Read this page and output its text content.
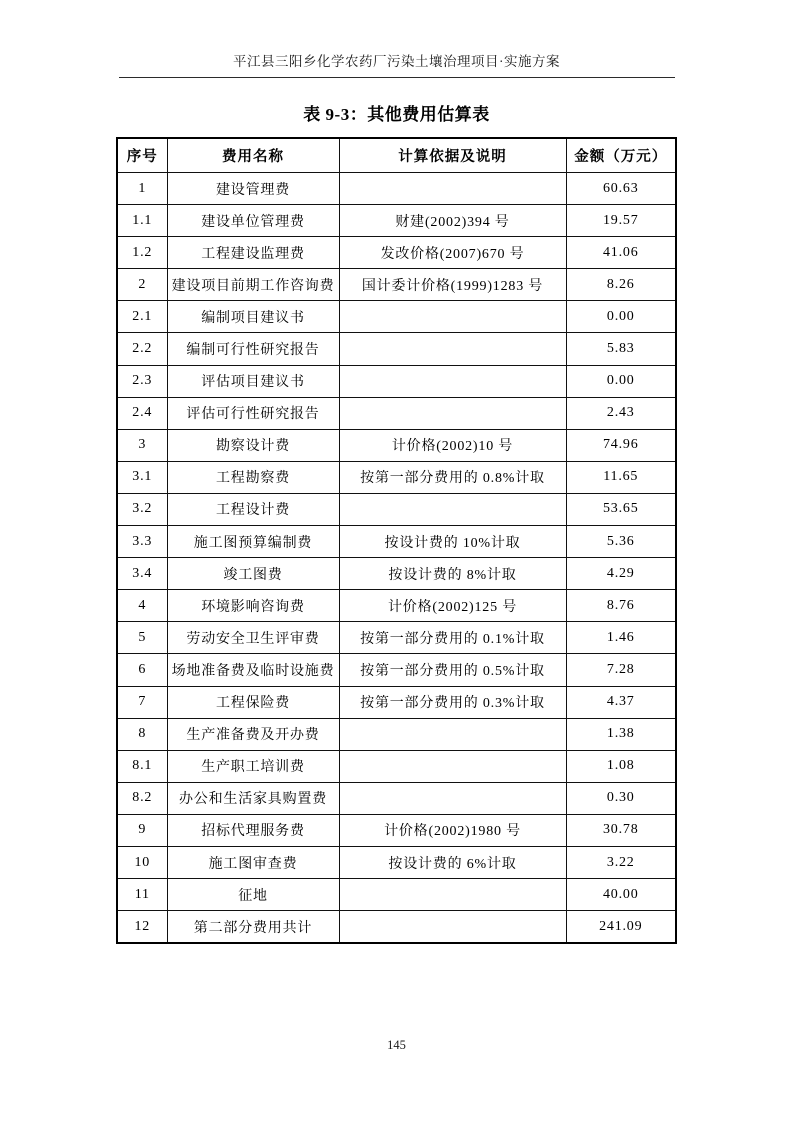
平江县三阳乡化学农药厂污染土壤治理项目·实施方案
表 9-3：其他费用估算表
序号	费用名称	计算依据及说明	金额（万元）
1	建设管理费		60.63
1.1	建设单位管理费	财建(2002)394 号	19.57
1.2	工程建设监理费	发改价格(2007)670 号	41.06
2	建设项目前期工作咨询费	国计委计价格(1999)1283 号	8.26
2.1	编制项目建议书		0.00
2.2	编制可行性研究报告		5.83
2.3	评估项目建议书		0.00
2.4	评估可行性研究报告		2.43
3	勘察设计费	计价格(2002)10 号	74.96
3.1	工程勘察费	按第一部分费用的 0.8%计取	11.65
3.2	工程设计费		53.65
3.3	施工图预算编制费	按设计费的 10%计取	5.36
3.4	竣工图费	按设计费的 8%计取	4.29
4	环境影响咨询费	计价格(2002)125 号	8.76
5	劳动安全卫生评审费	按第一部分费用的 0.1%计取	1.46
6	场地准备费及临时设施费	按第一部分费用的 0.5%计取	7.28
7	工程保险费	按第一部分费用的 0.3%计取	4.37
8	生产准备费及开办费		1.38
8.1	生产职工培训费		1.08
8.2	办公和生活家具购置费		0.30
9	招标代理服务费	计价格(2002)1980 号	30.78
10	施工图审查费	按设计费的 6%计取	3.22
11	征地		40.00
12	第二部分费用共计		241.09
145
